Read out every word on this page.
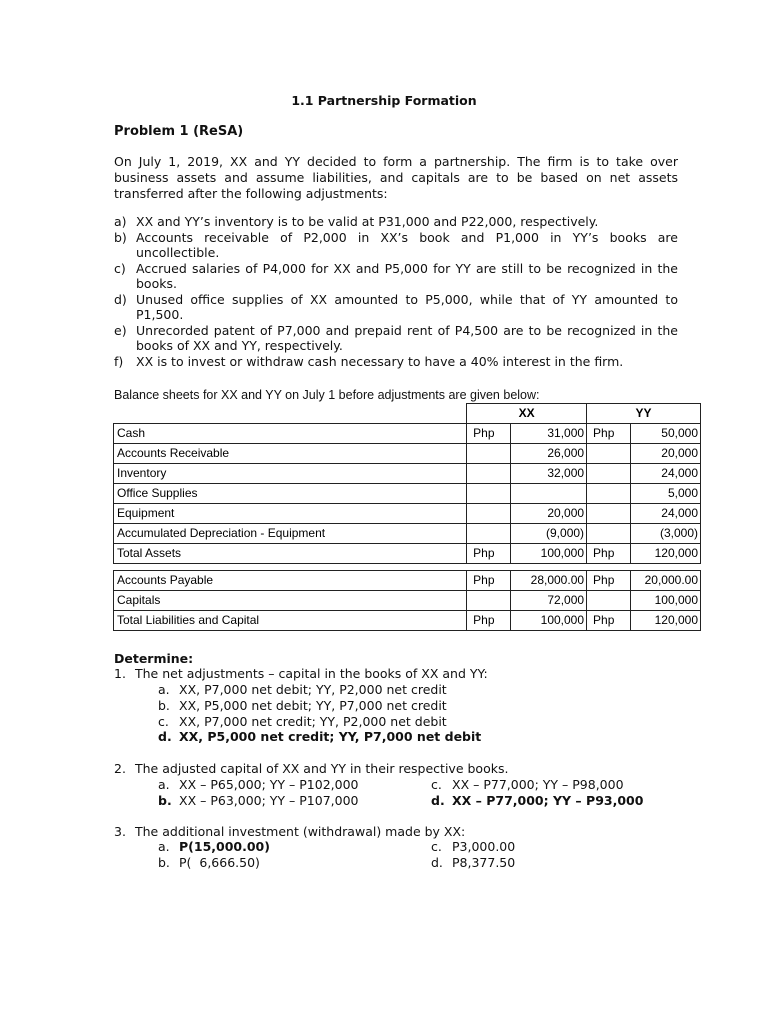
1.1 Partnership Formation
Problem 1 (ReSA)
On July 1, 2019, XX and YY decided to form a partnership. The firm is to take over business assets and assume liabilities, and capitals are to be based on net assets transferred after the following adjustments:
a) XX and YY’s inventory is to be valid at P31,000 and P22,000, respectively.
b) Accounts receivable of P2,000 in XX’s book and P1,000 in YY’s books are uncollectible.
c) Accrued salaries of P4,000 for XX and P5,000 for YY are still to be recognized in the books.
d) Unused office supplies of XX amounted to P5,000, while that of YY amounted to P1,500.
e) Unrecorded patent of P7,000 and prepaid rent of P4,500 are to be recognized in the books of XX and YY, respectively.
f) XX is to invest or withdraw cash necessary to have a 40% interest in the firm.
Balance sheets for XX and YY on July 1 before adjustments are given below:
	XX		YY	
Cash	Php	31,000	Php	50,000
Accounts Receivable		26,000		20,000
Inventory		32,000		24,000
Office Supplies				5,000
Equipment		20,000		24,000
Accumulated Depreciation - Equipment		(9,000)		(3,000)
Total Assets	Php	100,000	Php	120,000

Accounts Payable	Php	28,000.00	Php	20,000.00
Capitals		72,000		100,000
Total Liabilities and Capital	Php	100,000	Php	120,000
Determine:
1. The net adjustments – capital in the books of XX and YY:
a. XX, P7,000 net debit; YY, P2,000 net credit
b. XX, P5,000 net debit; YY, P7,000 net credit
c. XX, P7,000 net credit; YY, P2,000 net debit
d. XX, P5,000 net credit; YY, P7,000 net debit
2. The adjusted capital of XX and YY in their respective books.
a. XX – P65,000; YY – P102,000
b. XX – P63,000; YY – P107,000
c. XX – P77,000; YY – P98,000
d. XX – P77,000; YY – P93,000
3. The additional investment (withdrawal) made by XX:
a. P(15,000.00)
b. P(  6,666.50)
c. P3,000.00
d. P8,377.50
